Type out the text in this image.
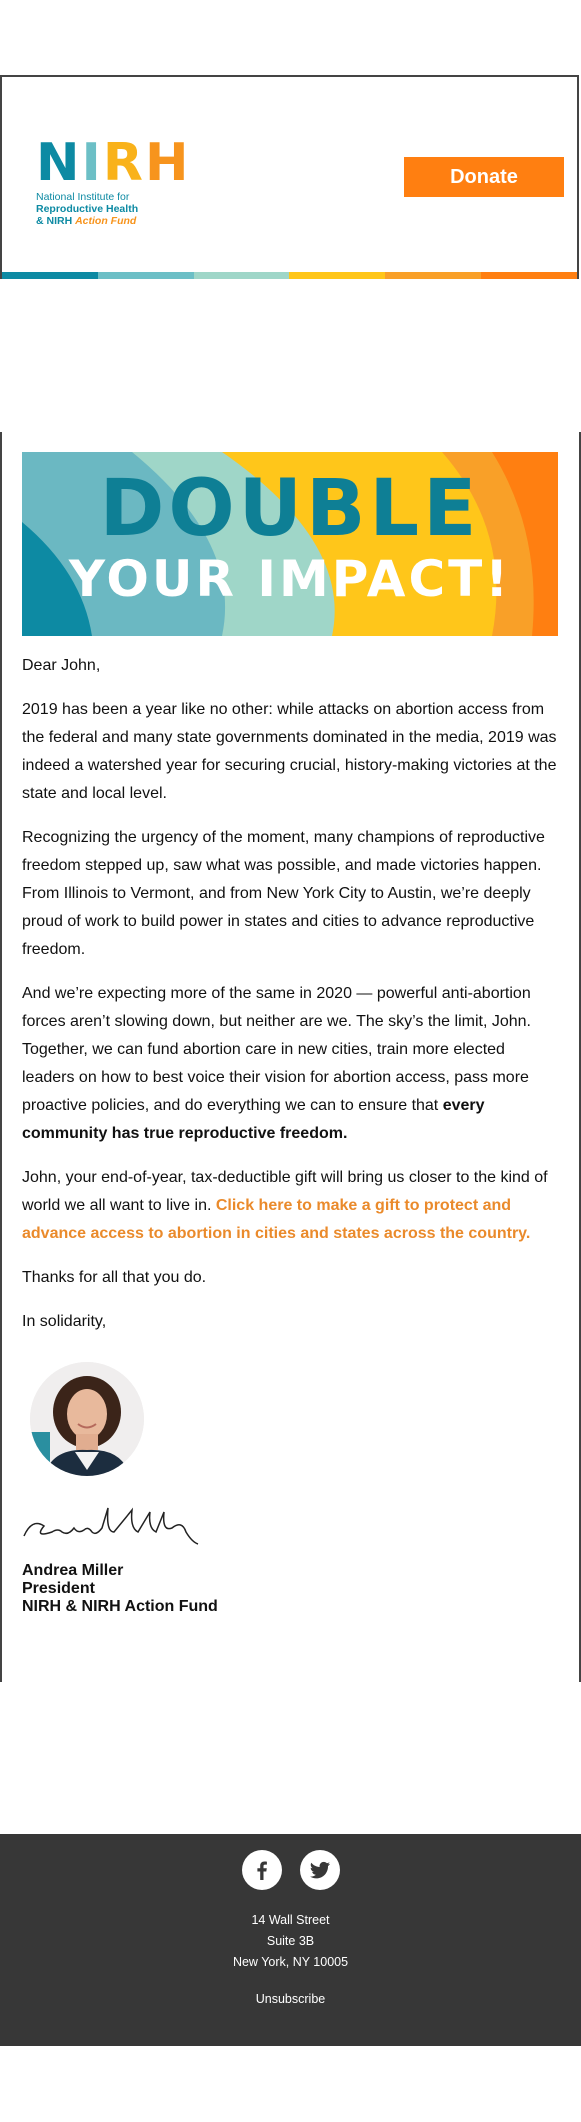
N I R H
National Institute for
Reproductive Health
& NIRH Action Fund
Donate
DOUBLE
YOUR IMPACT!

Dear John,

2019 has been a year like no other: while attacks on abortion access from the federal and many state governments dominated in the media, 2019 was indeed a watershed year for securing crucial, history-making victories at the state and local level.

Recognizing the urgency of the moment, many champions of reproductive freedom stepped up, saw what was possible, and made victories happen. From Illinois to Vermont, and from New York City to Austin, we’re deeply proud of work to build power in states and cities to advance reproductive freedom.

And we’re expecting more of the same in 2020 — powerful anti-abortion forces aren’t slowing down, but neither are we. The sky’s the limit, John. Together, we can fund abortion care in new cities, train more elected leaders on how to best voice their vision for abortion access, pass more proactive policies, and do everything we can to ensure that every community has true reproductive freedom.

John, your end-of-year, tax-deductible gift will bring us closer to the kind of world we all want to live in. Click here to make a gift to protect and advance access to abortion in cities and states across the country.

Thanks for all that you do.

In solidarity,

Andrea Miller
President
NIRH & NIRH Action Fund
14 Wall Street
Suite 3B
New York, NY 10005
Unsubscribe
